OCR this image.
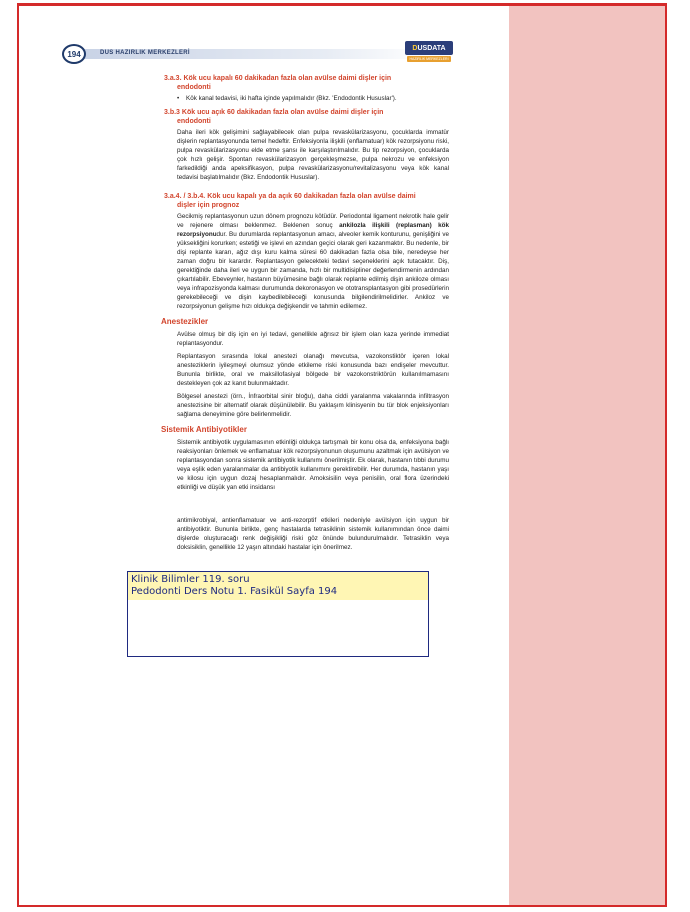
194	DUS HAZIRLIK MERKEZLERİ
D US DATA
HAZIRLIK MERKEZLERİ
3.a.3. Kök ucu kapalı 60 dakikadan fazla olan avülse daimi dişler için
endodonti
• Kök kanal tedavisi, iki hafta içinde yapılmalıdır (Bkz. 'Endodontik Hususlar').
3.b.3 Kök ucu açık 60 dakikadan fazla olan avülse daimi dişler için
endodonti
Daha ileri kök gelişimini sağlayabilecek olan pulpa revaskülarizasyonu, çocuklarda immatür dişlerin replantasyonunda temel hedeftir. Enfeksiyonla ilişkili (enflamatuar) kök rezorpsiyonu riski, pulpa revaskülarizasyonu elde etme şansı ile karşılaştırılmalıdır. Bu tip rezorpsiyon, çocuklarda çok hızlı gelişir. Spontan revaskülarizasyon gerçekleşmezse, pulpa nekrozu ve enfeksiyon farkedildiği anda apeksifikasyon, pulpa revaskülarizasyonu/revitalizasyonu veya kök kanal tedavisi başlatılmalıdır (Bkz. Endodontik Hususlar).
3.a.4. / 3.b.4. Kök ucu kapalı ya da açık 60 dakikadan fazla olan avülse daimi
dişler için prognoz
Gecikmiş replantasyonun uzun dönem prognozu kötüdür. Periodontal ligament nekrotik hale gelir ve rejenere olması beklenmez. Beklenen sonuç ankilozla ilişkili (replasman) kök rezorpsiyonudur. Bu durumlarda replantasyonun amacı, alveoler kemik konturunu, genişliğini ve yüksekliğini korurken; estetiği ve işlevi en azından geçici olarak geri kazanmaktır. Bu nedenle, bir dişi replante kararı, ağız dışı kuru kalma süresi 60 dakikadan fazla olsa bile, neredeyse her zaman doğru bir karardır. Replantasyon gelecekteki tedavi seçeneklerini açık tutacaktır. Diş, gerektiğinde daha ileri ve uygun bir zamanda, hızlı bir multidisipliner değerlendirmenin ardından çıkartılabilir. Ebeveynler, hastanın büyümesine bağlı olarak replante edilmiş dişin ankiloze olması veya infrapozisyonda kalması durumunda dekoronasyon ve ototransplantasyon gibi prosedürlerin gerekebileceği ve dişin kaybedilebileceği konusunda bilgilendirilmelidirler. Ankiloz ve rezorpsiyonun gelişme hızı oldukça değişkendir ve tahmin edilemez.
Anestezikler
Avülse olmuş bir diş için en iyi tedavi, genellikle ağrısız bir işlem olan kaza yerinde immediat replantasyondur.
Replantasyon sırasında lokal anestezi olanağı mevcutsa, vazokonstiktör içeren lokal anesteziklerin iyileşmeyi olumsuz yönde etkileme riski konusunda bazı endişeler mevcuttur. Bununla birlikte, oral ve maksillofasiyal bölgede bir vazokonstriktörün kullanılmamasını destekleyen çok az kanıt bulunmaktadır.
Bölgesel anestezi (örn., İnfraorbital sinir bloğu), daha ciddi yaralanma vakalarında infiltrasyon anestezisine bir alternatif olarak düşünülebilir. Bu yaklaşım klinisyenin bu tür blok enjeksiyonları sağlama deneyimine göre belirlenmelidir.
Sistemik Antibiyotikler
Sistemik antibiyotik uygulamasının etkinliği oldukça tartışmalı bir konu olsa da, enfeksiyona bağlı reaksiyonları önlemek ve enflamatuar kök rezorpsiyonunun oluşumunu azaltmak için avülsiyon ve replantasyondan sonra sistemik antibiyotik kullanımı önerilmiştir. Ek olarak, hastanın tıbbi durumu veya eşlik eden yaralanmalar da antibiyotik kullanımını gerektirebilir. Her durumda, hastanın yaşı ve kilosu için uygun dozaj hesaplanmalıdır. Amoksisilin veya penisilin, oral flora üzerindeki etkinliği ve düşük yan etki insidansı
antimikrobiyal, antienflamatuar ve anti-rezorptif etkileri nedeniyle avülsiyon için uygun bir antibiyotiktir. Bununla birlikte, genç hastalarda tetrasiklinin sistemik kullanımından önce daimi dişlerde oluşturacağı renk değişikliği riski göz önünde bulundurulmalıdır. Tetrasiklin veya doksisiklin, genellikle 12 yaşın altındaki hastalar için önerilmez.
Klinik Bilimler 119. soru
Pedodonti Ders Notu 1. Fasikül Sayfa 194
